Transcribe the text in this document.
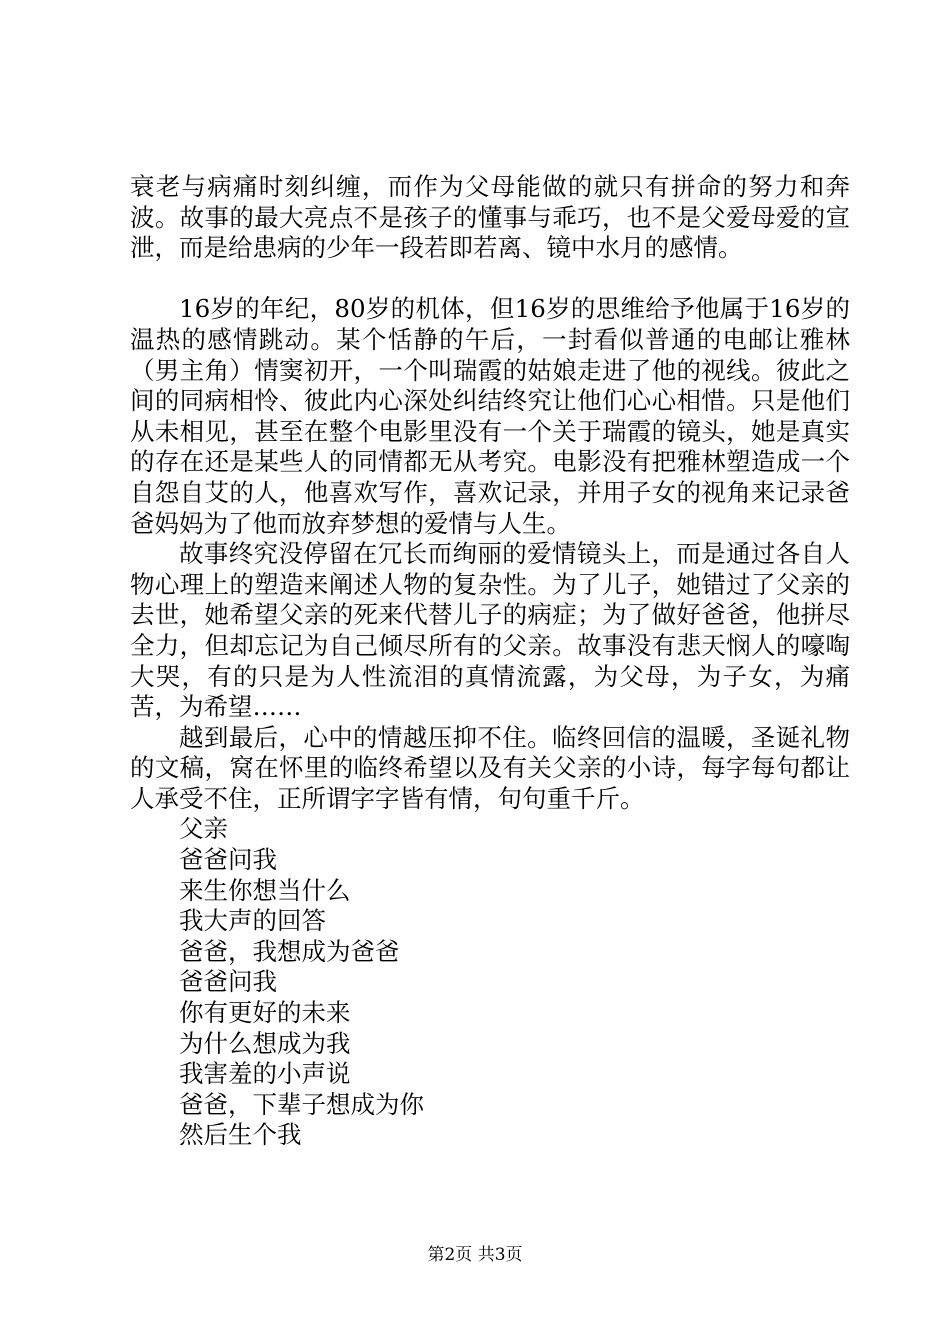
衰老与病痛时刻纠缠，而作为父母能做的就只有拼命的努力和奔波。故事的最大亮点不是孩子的懂事与乖巧，也不是父爱母爱的宣泄，而是给患病的少年一段若即若离、镜中水月的感情。

16岁的年纪，80岁的机体，但16岁的思维给予他属于16岁的温热的感情跳动。某个恬静的午后，一封看似普通的电邮让雅林（男主角）情窦初开，一个叫瑞霞的姑娘走进了他的视线。彼此之间的同病相怜、彼此内心深处纠结终究让他们心心相惜。只是他们从未相见，甚至在整个电影里没有一个关于瑞霞的镜头，她是真实的存在还是某些人的同情都无从考究。电影没有把雅林塑造成一个自怨自艾的人，他喜欢写作，喜欢记录，并用子女的视角来记录爸爸妈妈为了他而放弃梦想的爱情与人生。

故事终究没停留在冗长而绚丽的爱情镜头上，而是通过各自人物心理上的塑造来阐述人物的复杂性。为了儿子，她错过了父亲的去世，她希望父亲的死来代替儿子的病症；为了做好爸爸，他拼尽全力，但却忘记为自己倾尽所有的父亲。故事没有悲天悯人的嚎啕大哭，有的只是为人性流泪的真情流露，为父母，为子女，为痛苦，为希望……

越到最后，心中的情越压抑不住。临终回信的温暖，圣诞礼物的文稿，窝在怀里的临终希望以及有关父亲的小诗，每字每句都让人承受不住，正所谓字字皆有情，句句重千斤。

父亲

爸爸问我

来生你想当什么

我大声的回答

爸爸，我想成为爸爸

爸爸问我

你有更好的未来

为什么想成为我

我害羞的小声说

爸爸，下辈子想成为你

然后生个我

第2页 共3页
